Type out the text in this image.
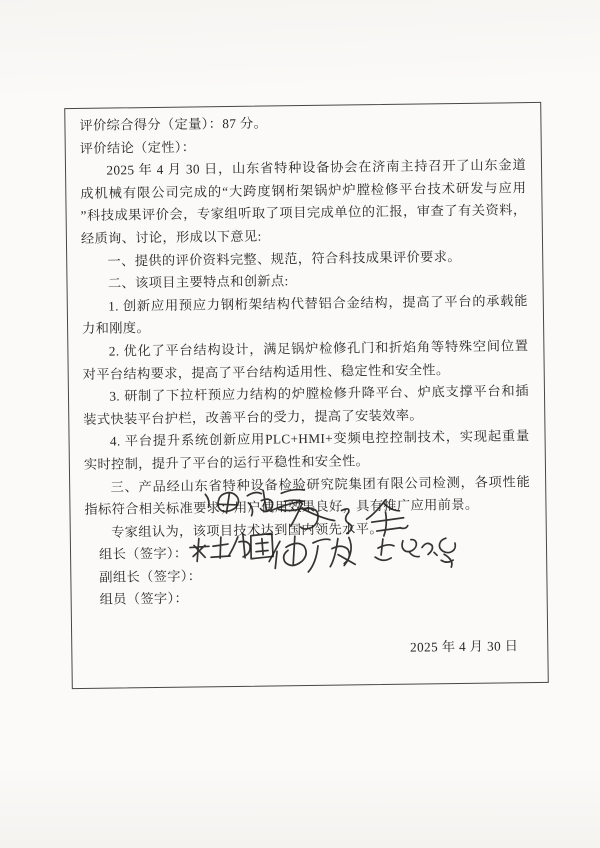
评价综合得分（定量）：87 分。

评价结论（定性）：

2025 年 4 月 30 日，山东省特种设备协会在济南主持召开了山东金道成机械有限公司完成的“大跨度钢桁架锅炉炉膛检修平台技术研发与应用 ”科技成果评价会，专家组听取了项目完成单位的汇报，审查了有关资料，经质询、讨论，形成以下意见:

一、提供的评价资料完整、规范，符合科技成果评价要求。

二、该项目主要特点和创新点:

1. 创新应用预应力钢桁架结构代替铝合金结构，提高了平台的承载能力和刚度。

2. 优化了平台结构设计，满足锅炉检修孔门和折焰角等特殊空间位置对平台结构要求，提高了平台结构适用性、稳定性和安全性。

3. 研制了下拉杆预应力结构的炉膛检修升降平台、炉底支撑平台和插装式快装平台护栏，改善平台的受力，提高了安装效率。

4. 平台提升系统创新应用PLC+HMI+变频电控控制技术，实现起重量实时控制，提升了平台的运行平稳性和安全性。

三、产品经山东省特种设备检验研究院集团有限公司检测，各项性能指标符合相关标准要求；用户使用效果良好，具有推广应用前景。

专家组认为，该项目技术达到国内领先水平。

组长（签字）：
副组长（签字）：
组员（签字）：
2025 年 4 月 30 日
